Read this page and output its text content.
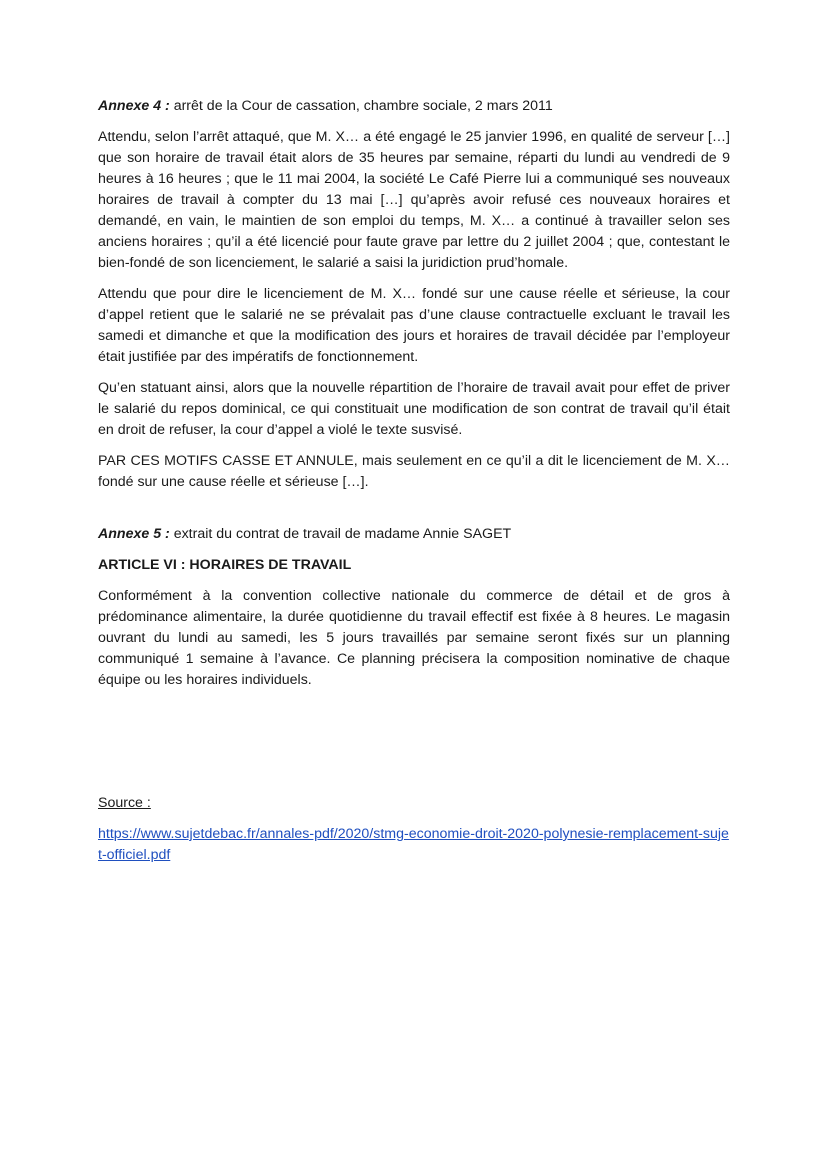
Annexe 4 : arrêt de la Cour de cassation, chambre sociale, 2 mars 2011

Attendu, selon l’arrêt attaqué, que M. X… a été engagé le 25 janvier 1996, en qualité de serveur […] que son horaire de travail était alors de 35 heures par semaine, réparti du lundi au vendredi de 9 heures à 16 heures ; que le 11 mai 2004, la société Le Café Pierre lui a communiqué ses nouveaux horaires de travail à compter du 13 mai […] qu’après avoir refusé ces nouveaux horaires et demandé, en vain, le maintien de son emploi du temps, M. X… a continué à travailler selon ses anciens horaires ; qu’il a été licencié pour faute grave par lettre du 2 juillet 2004 ; que, contestant le bien-fondé de son licenciement, le salarié a saisi la juridiction prud’homale.

Attendu que pour dire le licenciement de M. X… fondé sur une cause réelle et sérieuse, la cour d’appel retient que le salarié ne se prévalait pas d’une clause contractuelle excluant le travail les samedi et dimanche et que la modification des jours et horaires de travail décidée par l’employeur était justifiée par des impératifs de fonctionnement.

Qu’en statuant ainsi, alors que la nouvelle répartition de l’horaire de travail avait pour effet de priver le salarié du repos dominical, ce qui constituait une modification de son contrat de travail qu’il était en droit de refuser, la cour d’appel a violé le texte susvisé.

PAR CES MOTIFS CASSE ET ANNULE, mais seulement en ce qu’il a dit le licenciement de M. X… fondé sur une cause réelle et sérieuse […].

Annexe 5 : extrait du contrat de travail de madame Annie SAGET
ARTICLE VI : HORAIRES DE TRAVAIL

Conformément à la convention collective nationale du commerce de détail et de gros à prédominance alimentaire, la durée quotidienne du travail effectif est fixée à 8 heures. Le magasin ouvrant du lundi au samedi, les 5 jours travaillés par semaine seront fixés sur un planning communiqué 1 semaine à l’avance. Ce planning précisera la composition nominative de chaque équipe ou les horaires individuels.

Source :
https://www.sujetdebac.fr/annales-pdf/2020/stmg-economie-droit-2020-polynesie-remplacement-sujet-officiel.pdf
